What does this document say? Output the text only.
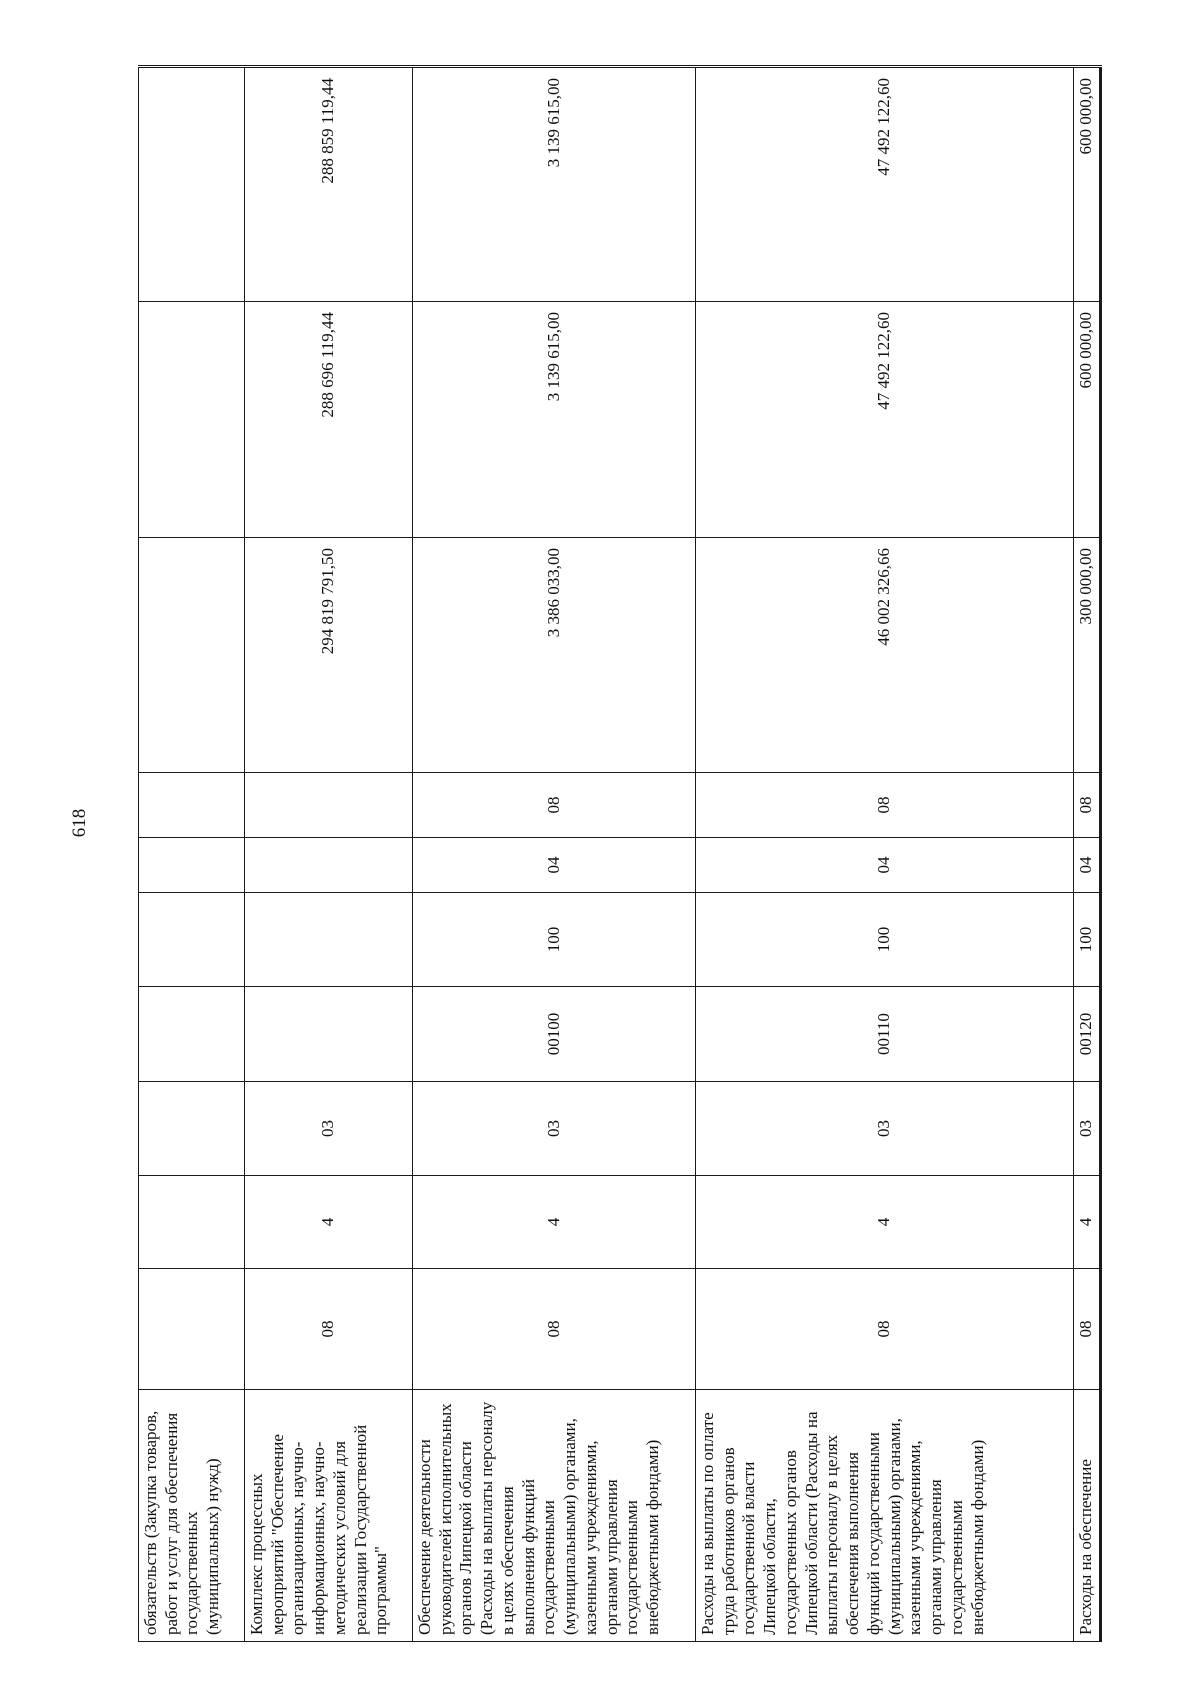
618
обязательств (Закупка товаров, работ и услуг для обеспечения государственных (муниципальных) нужд)										
Комплекс процессных мероприятий "Обеспечение организационных, научно-информационных, научно-методических условий для реализации Государственной программы"	08	4	03					294 819 791,50	288 696 119,44	288 859 119,44
Обеспечение деятельности руководителей исполнительных органов Липецкой области (Расходы на выплаты персоналу в целях обеспечения выполнения функций государственными (муниципальными) органами, казенными учреждениями, органами управления государственными внебюджетными фондами)	08	4	03	00100	100	04	08	3 386 033,00	3 139 615,00	3 139 615,00
Расходы на выплаты по оплате труда работников органов государственной власти Липецкой области, государственных органов Липецкой области (Расходы на выплаты персоналу в целях обеспечения выполнения функций государственными (муниципальными) органами, казенными учреждениями, органами управления государственными внебюджетными фондами)	08	4	03	00110	100	04	08	46 002 326,66	47 492 122,60	47 492 122,60
Расходы на обеспечение	08	4	03	00120	100	04	08	300 000,00	600 000,00	600 000,00
